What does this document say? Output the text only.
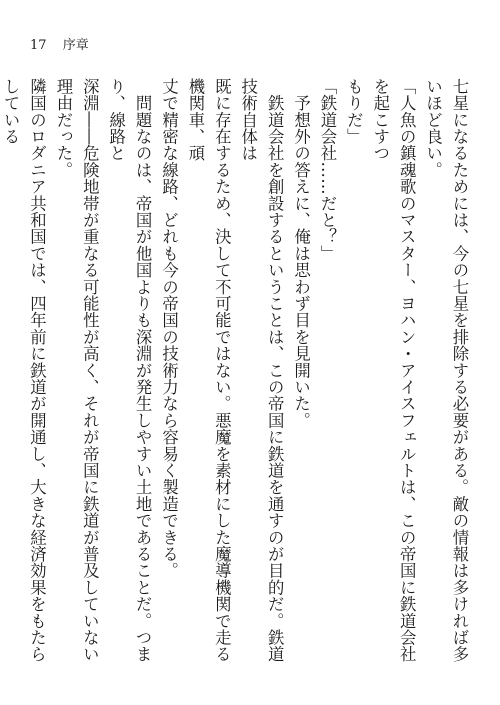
17 序章

七星になるためには、今の七星を排除する必要がある。敵の情報は多ければ多いほど良い。

「人魚の鎮魂歌のマスター、ヨハン・アイスフェルトは、この帝国に鉄道会社を起こすつ

もりだ」

「鉄道会社……だと？」

　予想外の答えに、俺は思わず目を見開いた。

　鉄道会社を創設するということは、この帝国に鉄道を通すのが目的だ。鉄道技術自体は

既に存在するため、決して不可能ではない。悪魔を素材にした魔導機関で走る機関車、頑

丈で精密な線路、どれも今の帝国の技術力なら容易く製造できる。

　問題なのは、帝国が他国よりも深淵が発生しやすい土地であることだ。つまり、線路と

深淵――危険地帯が重なる可能性が高く、それが帝国に鉄道が普及していない理由だった。

隣国のロダニア共和国では、四年前に鉄道が開通し、大きな経済効果をもたらしている
